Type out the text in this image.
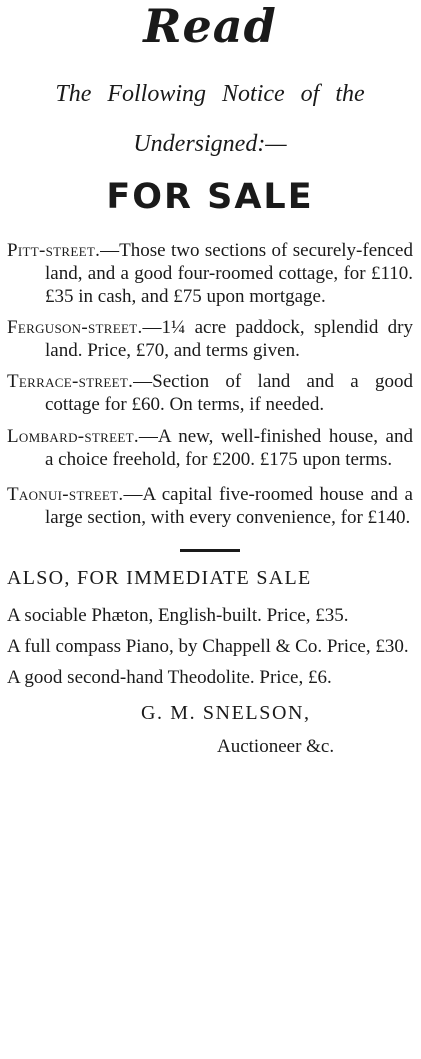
Read
The Following Notice of the
Undersigned:—
FOR SALE

Pitt-street.—Those two sections of securely-fenced land, and a good four-roomed cottage, for £110. £35 in cash, and £75 upon mortgage.

Ferguson-street.—1¼ acre paddock, splendid dry land. Price, £70, and terms given.

Terrace-street.—Section of land and a good cottage for £60. On terms, if needed.

Lombard-street.—A new, well-finished house, and a choice freehold, for £200. £175 upon terms.

Taonui-street.—A capital five-roomed house and a large section, with every convenience, for £140.

ALSO, FOR IMMEDIATE SALE

A sociable Phæton, English-built. Price, £35.

A full compass Piano, by Chappell & Co. Price, £30.

A good second-hand Theodolite. Price, £6.

G. M. SNELSON,
Auctioneer &c.
